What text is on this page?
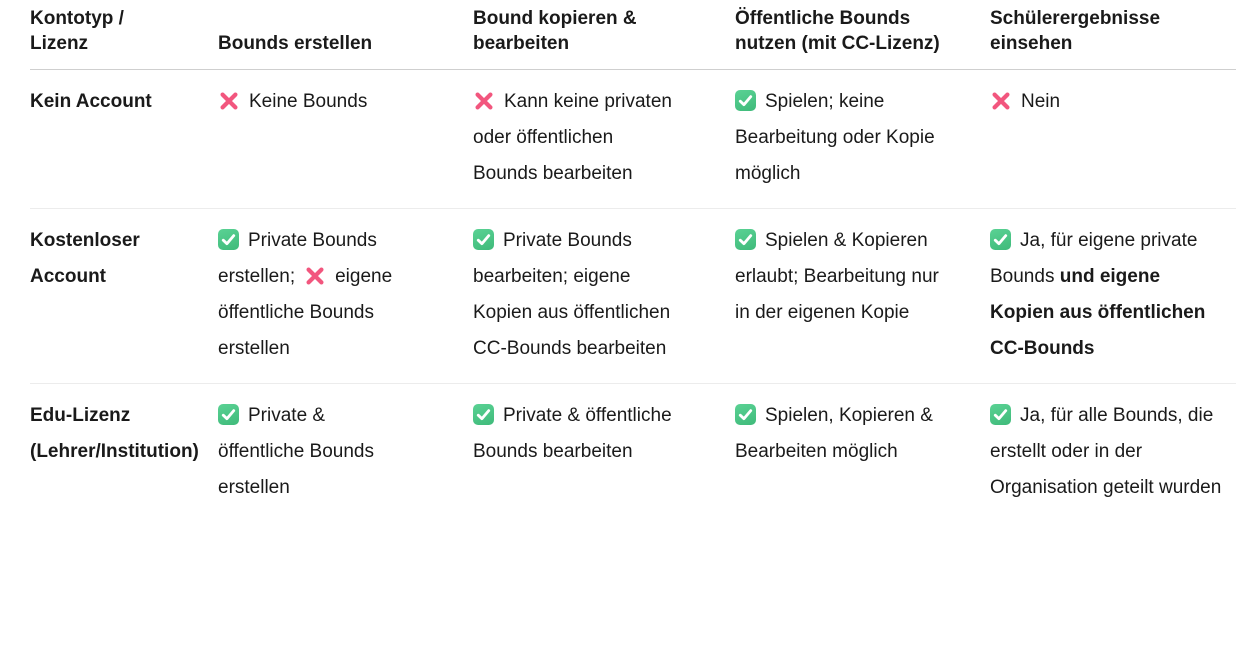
Kontotyp / Lizenz	Bounds erstellen	Bound kopieren & bearbeiten	Öffentliche Bounds nutzen (mit CC-Lizenz)	Schülerergebnisse einsehen
Kein Account	Keine Bounds	Kann keine privaten oder öffentlichen Bounds bearbeiten	Spielen; keine Bearbeitung oder Kopie möglich	Nein
Kostenloser Account	Private Bounds erstellen; eigene öffentliche Bounds erstellen	Private Bounds bearbeiten; eigene Kopien aus öffentlichen CC-Bounds bearbeiten	Spielen & Kopieren erlaubt; Bearbeitung nur in der eigenen Kopie	Ja, für eigene private Bounds und eigene Kopien aus öffentlichen CC-Bounds
Edu-Lizenz (Lehrer/Institution)	Private & öffentliche Bounds erstellen	Private & öffentliche Bounds bearbeiten	Spielen, Kopieren & Bearbeiten möglich	Ja, für alle Bounds, die erstellt oder in der Organisation geteilt wurden
